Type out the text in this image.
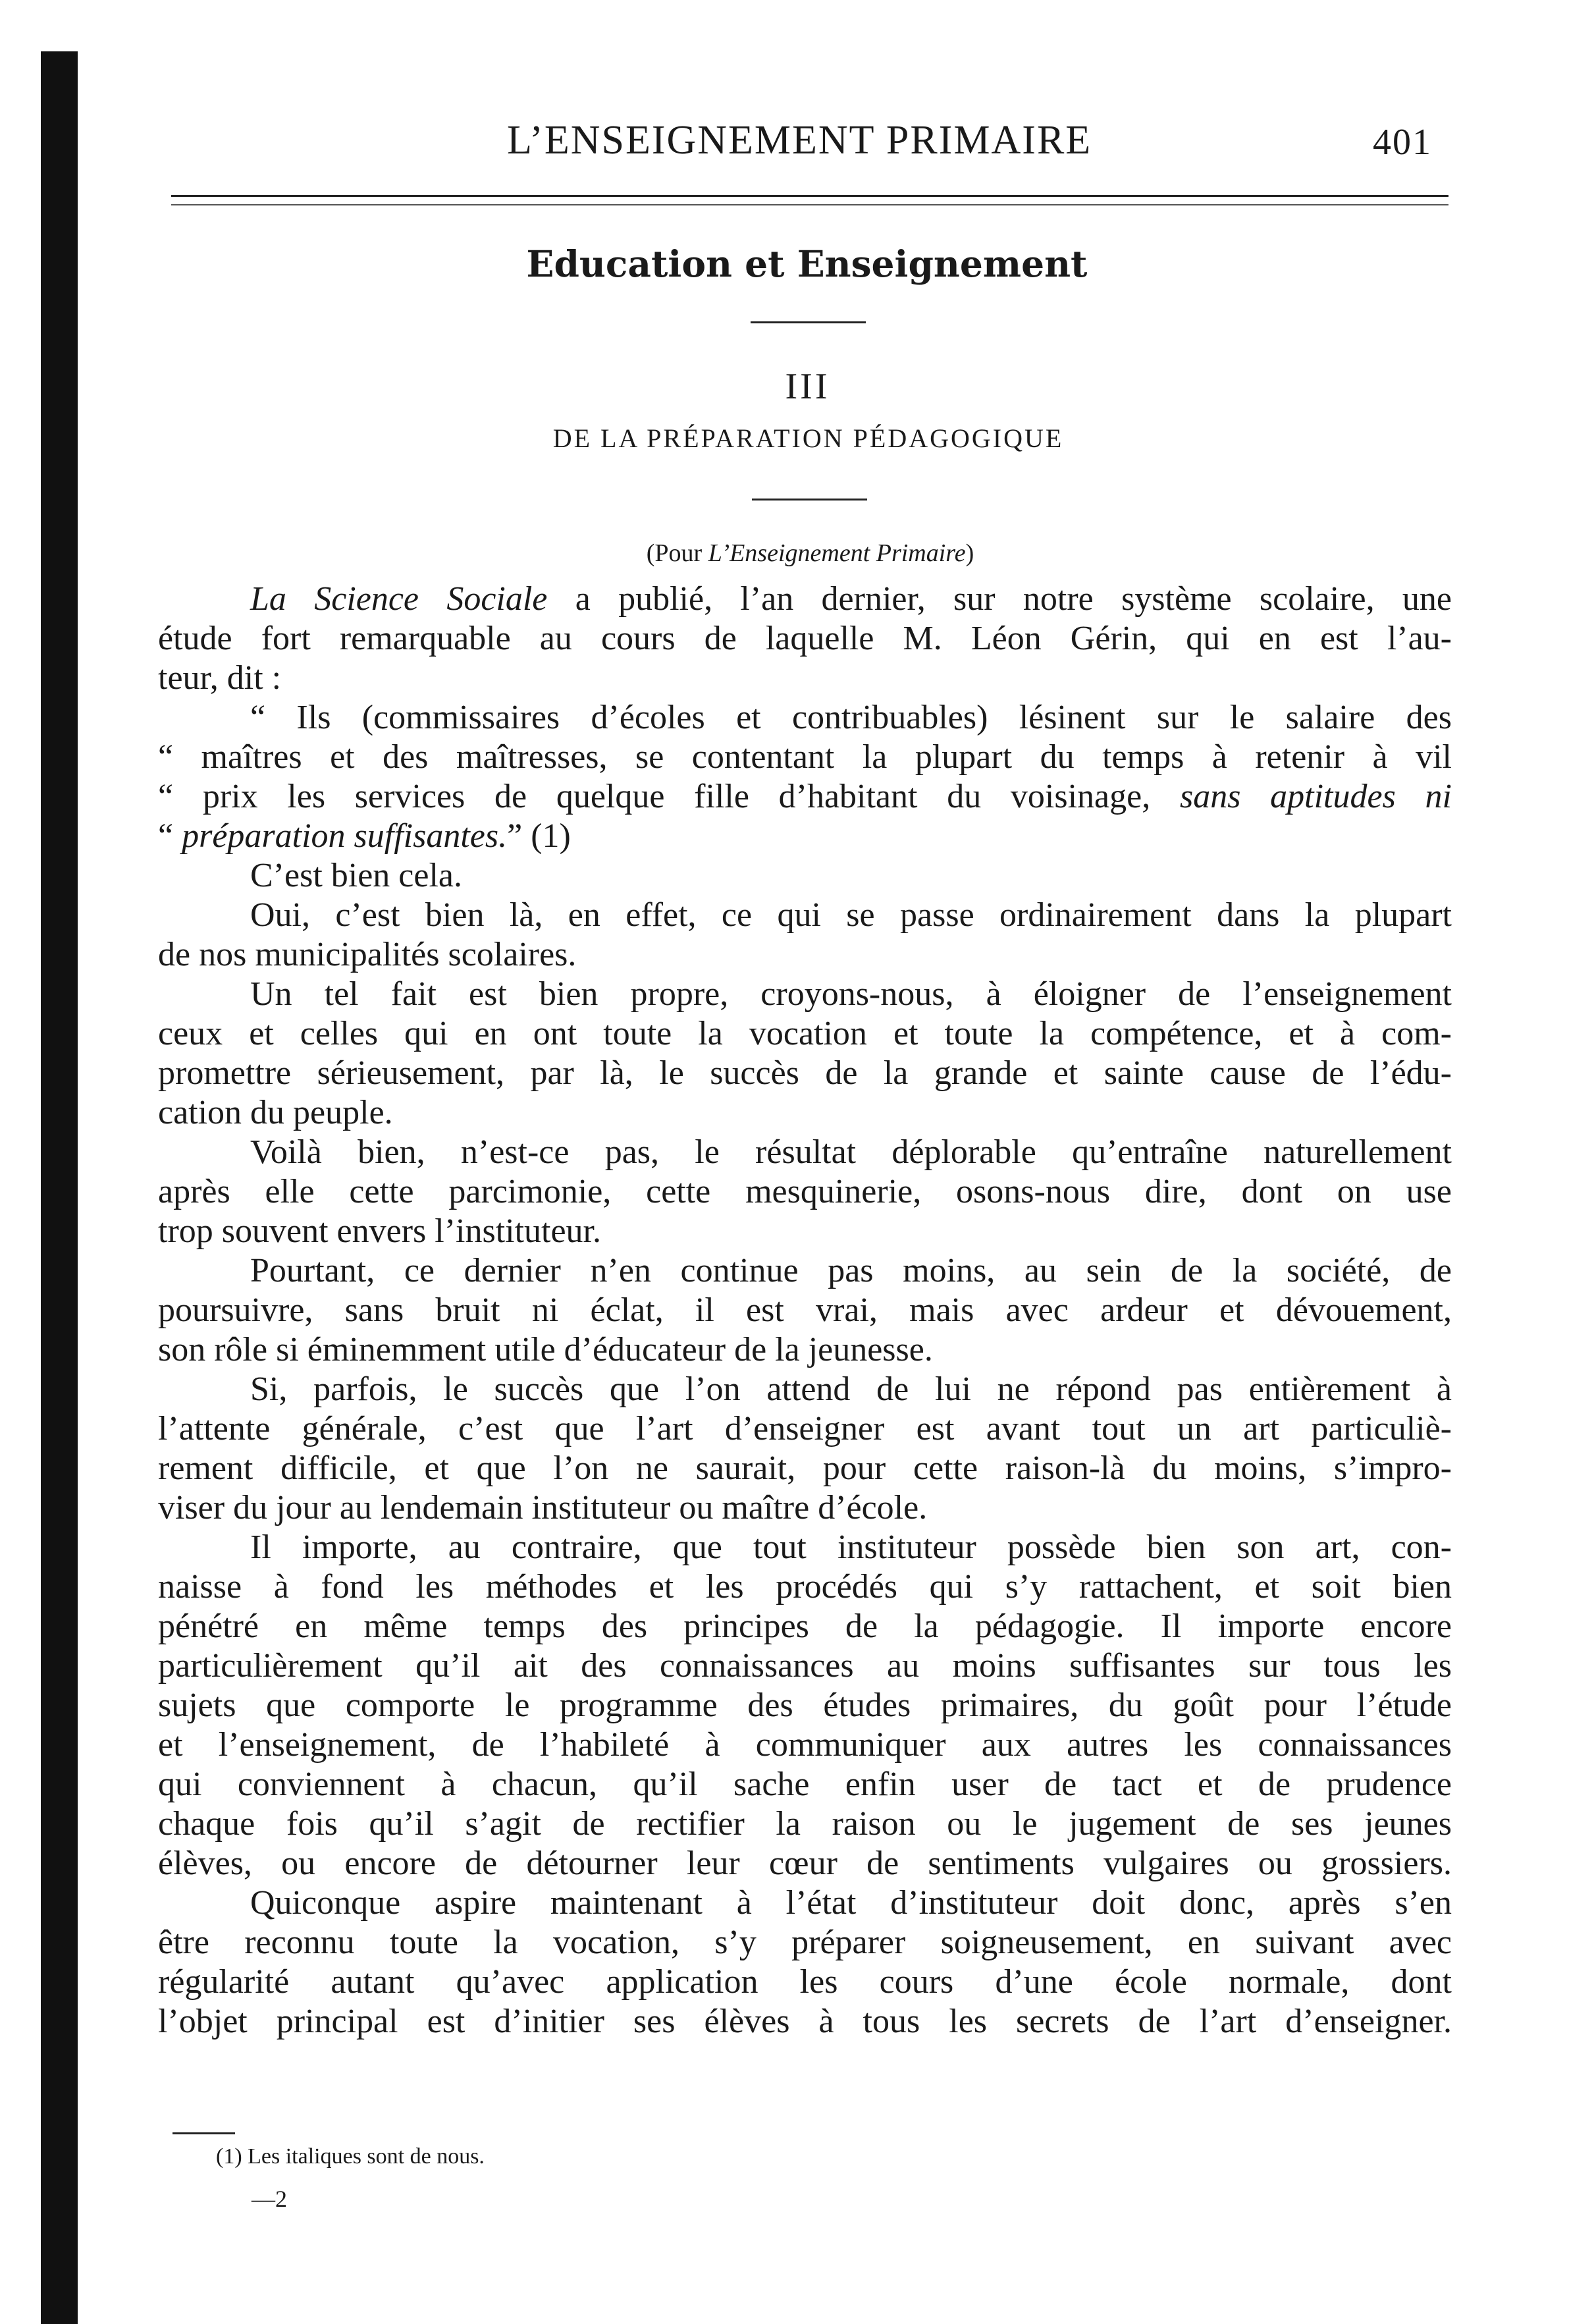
L’ENSEIGNEMENT PRIMAIRE	401
Education et Enseignement
III
DE LA PRÉPARATION PÉDAGOGIQUE
(Pour L’Enseignement Primaire)
La Science Sociale a publié, l’an dernier, sur notre système scolaire, une
étude fort remarquable au cours de laquelle M. Léon Gérin, qui en est l’au-
teur, dit :
“ Ils (commissaires d’écoles et contribuables) lésinent sur le salaire des
“ maîtres et des maîtresses, se contentant la plupart du temps à retenir à vil
“ prix les services de quelque fille d’habitant du voisinage, sans aptitudes ni
“ préparation suffisantes.” (1)
C’est bien cela.
Oui, c’est bien là, en effet, ce qui se passe ordinairement dans la plupart
de nos municipalités scolaires.
Un tel fait est bien propre, croyons-nous, à éloigner de l’enseignement
ceux et celles qui en ont toute la vocation et toute la compétence, et à com-
promettre sérieusement, par là, le succès de la grande et sainte cause de l’édu-
cation du peuple.
Voilà bien, n’est-ce pas, le résultat déplorable qu’entraîne naturellement
après elle cette parcimonie, cette mesquinerie, osons-nous dire, dont on use
trop souvent envers l’instituteur.
Pourtant, ce dernier n’en continue pas moins, au sein de la société, de
poursuivre, sans bruit ni éclat, il est vrai, mais avec ardeur et dévouement,
son rôle si éminemment utile d’éducateur de la jeunesse.
Si, parfois, le succès que l’on attend de lui ne répond pas entièrement à
l’attente générale, c’est que l’art d’enseigner est avant tout un art particuliè-
rement difficile, et que l’on ne saurait, pour cette raison-là du moins, s’impro-
viser du jour au lendemain instituteur ou maître d’école.
Il importe, au contraire, que tout instituteur possède bien son art, con-
naisse à fond les méthodes et les procédés qui s’y rattachent, et soit bien
pénétré en même temps des principes de la pédagogie. Il importe encore
particulièrement qu’il ait des connaissances au moins suffisantes sur tous les
sujets que comporte le programme des études primaires, du goût pour l’étude
et l’enseignement, de l’habileté à communiquer aux autres les connaissances
qui conviennent à chacun, qu’il sache enfin user de tact et de prudence
chaque fois qu’il s’agit de rectifier la raison ou le jugement de ses jeunes
élèves, ou encore de détourner leur cœur de sentiments vulgaires ou grossiers.
Quiconque aspire maintenant à l’état d’instituteur doit donc, après s’en
être reconnu toute la vocation, s’y préparer soigneusement, en suivant avec
régularité autant qu’avec application les cours d’une école normale, dont
l’objet principal est d’initier ses élèves à tous les secrets de l’art d’enseigner.
(1) Les italiques sont de nous.
—2
